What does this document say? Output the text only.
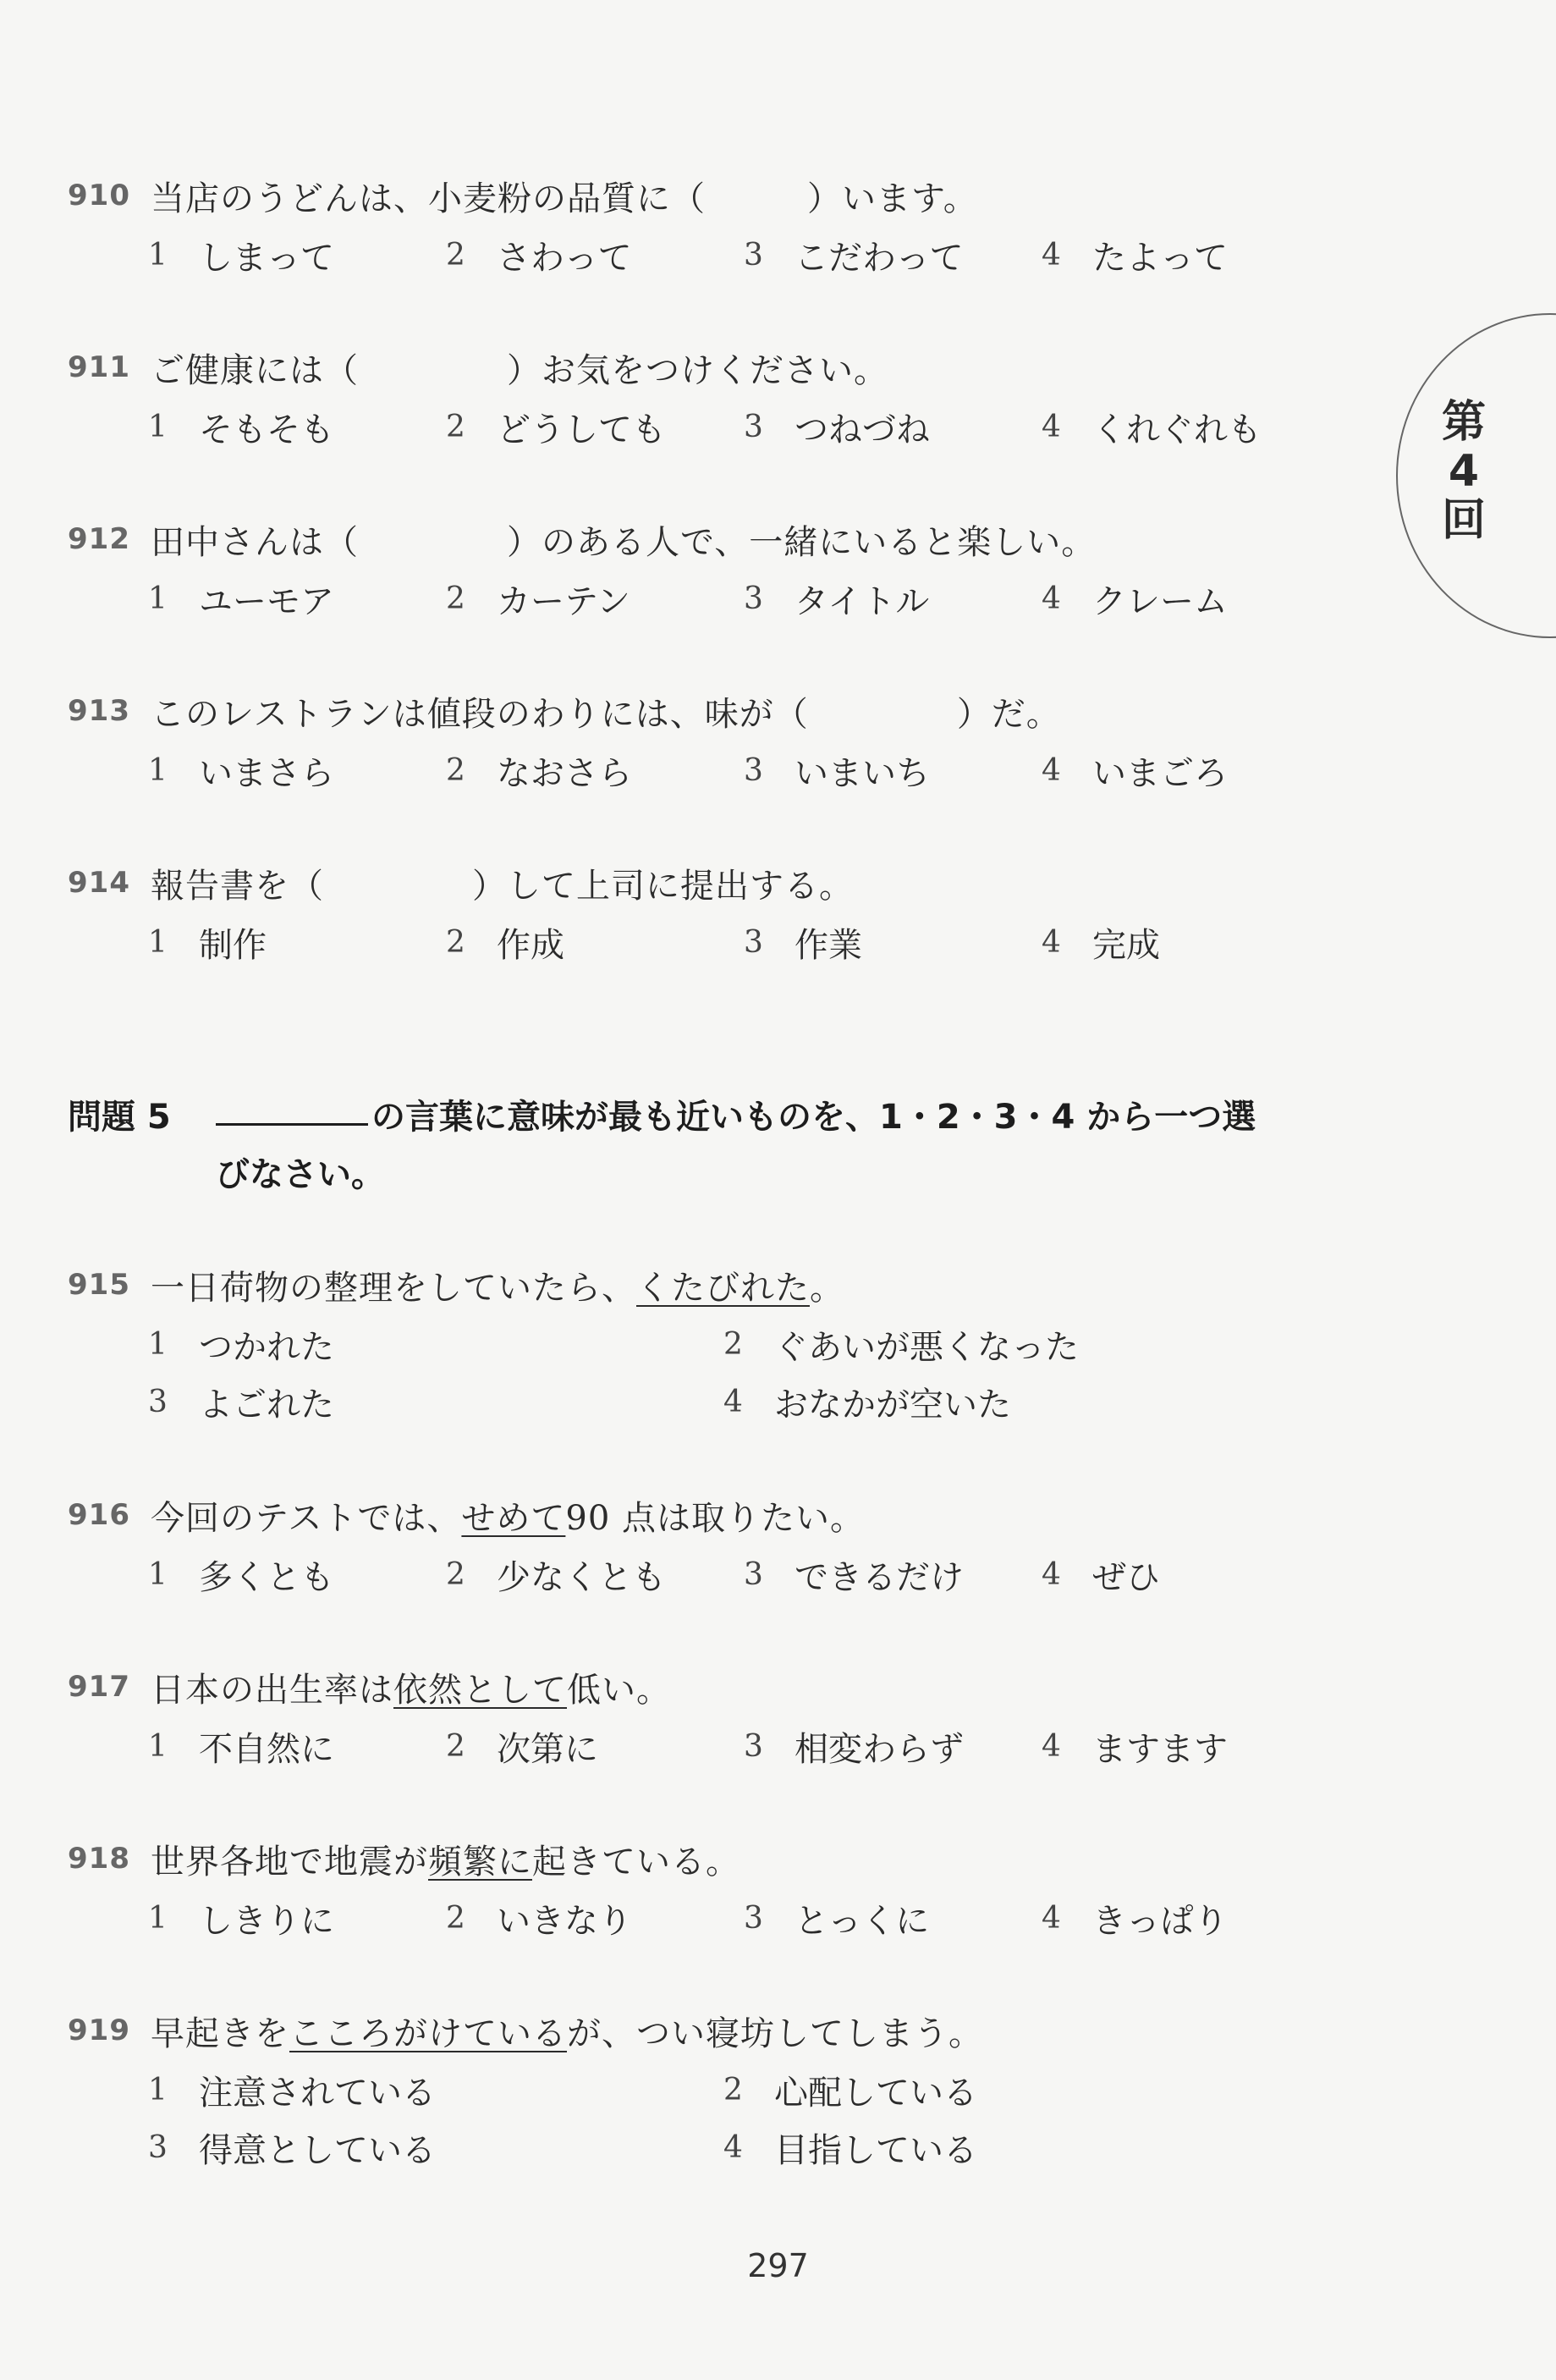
910 当店のうどんは、小麦粉の品質に（	）います。
1 しまって	2 さわって	3 こだわって	4 たよって
911 ご健康には（	）お気をつけください。
1 そもそも	2 どうしても	3 つねづね	4 くれぐれも
912 田中さんは（	）のある人で、一緒にいると楽しい。
1 ユーモア	2 カーテン	3 タイトル	4 クレーム
913 このレストランは値段のわりには、味が（	）だ。
1 いまさら	2 なおさら	3 いまいち	4 いまごろ
914 報告書を（	）して上司に提出する。
1 制作	2 作成	3 作業	4 完成
問題 5	の言葉に意味が最も近いものを、1・2・3・4 から一つ選
びなさい。
915 一日荷物の整理をしていたら、 くたびれた 。
1 つかれた	2 ぐあいが悪くなった
3 よごれた	4 おなかが空いた
916 今回のテストでは、 せめて 90 点は取りたい。
1 多くとも	2 少なくとも	3 できるだけ	4 ぜひ
917 日本の出生率は 依然として 低い。
1 不自然に	2 次第に	3 相変わらず	4 ますます
918 世界各地で地震が 頻繁に 起きている。
1 しきりに	2 いきなり	3 とっくに	4 きっぱり
919 早起きを こころがけている が、つい寝坊してしまう。
1 注意されている	2 心配している
3 得意としている	4 目指している
第
4
回
297
